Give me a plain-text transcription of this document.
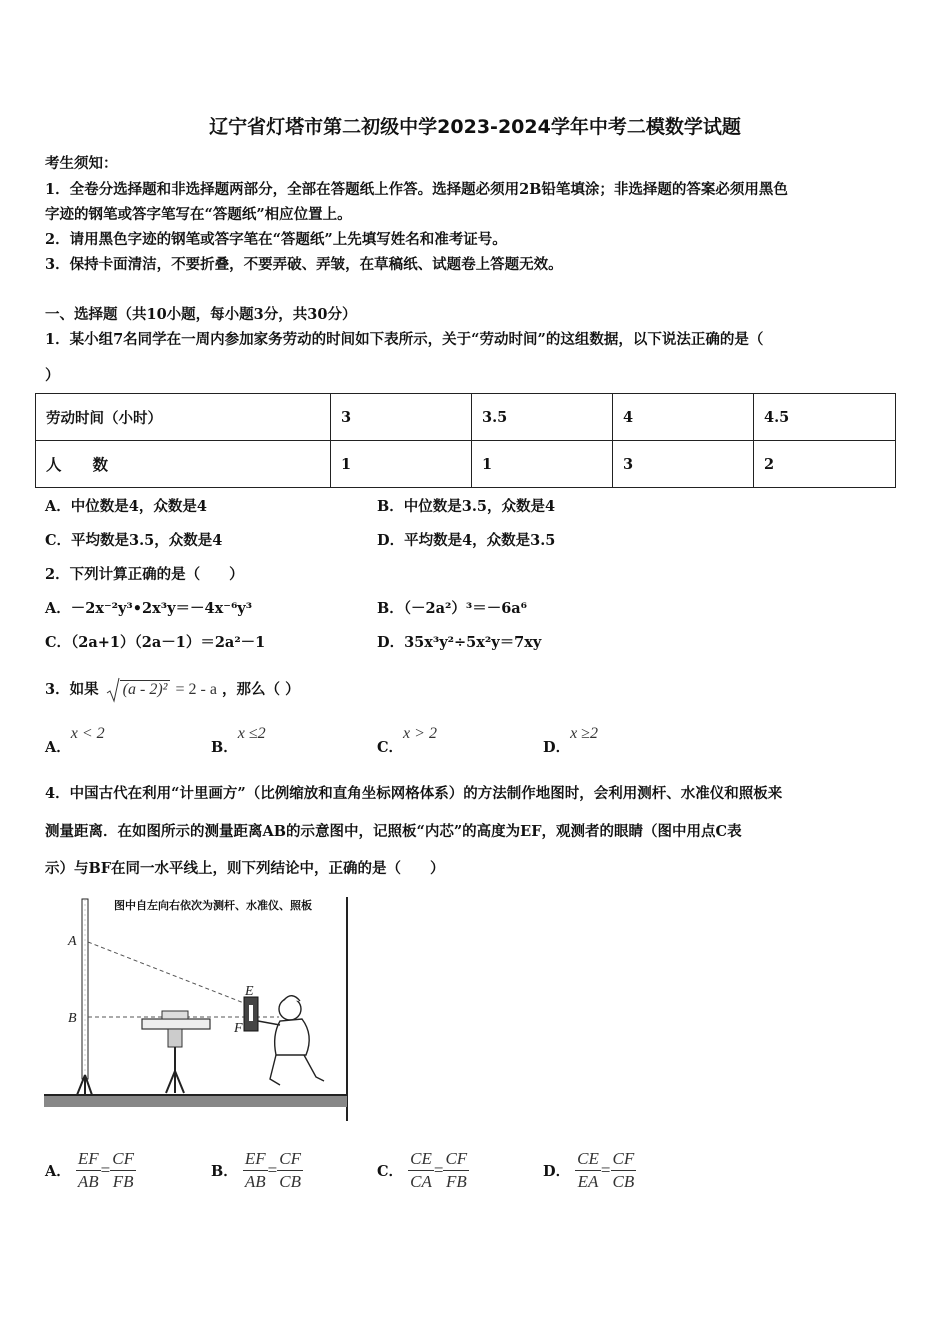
辽宁省灯塔市第二初级中学2023-2024学年中考二模数学试题
考生须知：
1．全卷分选择题和非选择题两部分，全部在答题纸上作答。选择题必须用2B铅笔填涂；非选择题的答案必须用黑色
字迹的钢笔或答字笔写在“答题纸”相应位置上。
2．请用黑色字迹的钢笔或答字笔在“答题纸”上先填写姓名和准考证号。
3．保持卡面清洁，不要折叠，不要弄破、弄皱，在草稿纸、试题卷上答题无效。
一、选择题（共10小题，每小题3分，共30分）
1．某小组7名同学在一周内参加家务劳动的时间如下表所示，关于“劳动时间”的这组数据，以下说法正确的是（
）
劳动时间（小时）	3	3.5	4	4.5
人　　数	1	1	3	2
A．中位数是4，众数是4	B．中位数是3.5，众数是4
C．平均数是3.5，众数是4	D．平均数是4，众数是3.5
2．下列计算正确的是（　　）
A．－2x⁻²y³•2x³y＝－4x⁻⁶y³	B．（－2a²）³＝－6a⁶
C．（2a+1）（2a－1）＝2a²－1	D．35x³y²÷5x²y＝7xy
3．如果 (a - 2)² = 2 - a ，那么（ ）
A．x < 2
B．x ≤2
C．x > 2
D．x ≥2
4．中国古代在利用“计里画方”（比例缩放和直角坐标网格体系）的方法制作地图时，会利用测杆、水准仪和照板来
测量距离．在如图所示的测量距离AB的示意图中，记照板“内芯”的高度为EF，观测者的眼睛（图中用点C表
示）与BF在同一水平线上，则下列结论中，正确的是（　　）
图中自左向右依次为测杆、水准仪、照板
A
B
E
F
A． $\frac{EF}{AB} = \frac{CF}{FB}$	B． $\frac{EF}{AB} = \frac{CF}{CB}$	C． $\frac{CE}{CA} = \frac{CF}{FB}$	D． $\frac{CE}{EA} = \frac{CF}{CB}$
